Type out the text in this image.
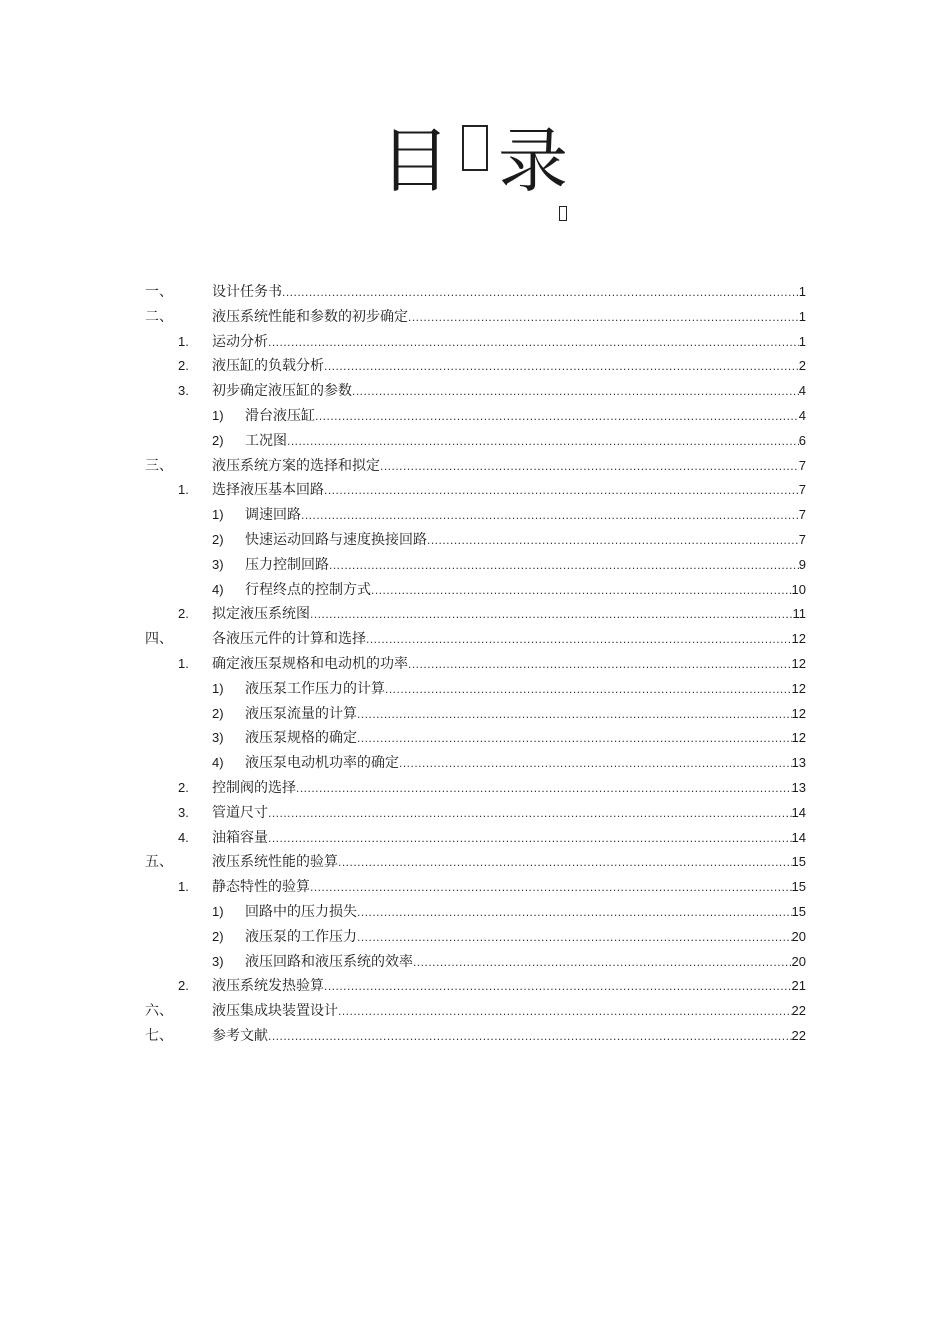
目 录
一、	设计任务书 .....	1
二、	液压系统性能和参数的初步确定 .....	1
1. 运动分析 .....	1
2. 液压缸的负载分析 .....	2
3. 初步确定液压缸的参数 .....	4
1) 滑台液压缸 .....	4
2) 工况图 .....	6
三、	液压系统方案的选择和拟定 .....	7
1. 选择液压基本回路 .....	7
1) 调速回路 .....	7
2) 快速运动回路与速度换接回路 .....	7
3) 压力控制回路 .....	9
4) 行程终点的控制方式 .....	10
2. 拟定液压系统图 .....	11
四、	各液压元件的计算和选择 .....	12
1. 确定液压泵规格和电动机的功率 .....	12
1) 液压泵工作压力的计算 .....	12
2) 液压泵流量的计算 .....	12
3) 液压泵规格的确定 .....	12
4) 液压泵电动机功率的确定 .....	13
2. 控制阀的选择 .....	13
3. 管道尺寸 .....	14
4. 油箱容量 .....	14
五、	液压系统性能的验算 .....	15
1. 静态特性的验算 .....	15
1) 回路中的压力损失 .....	15
2) 液压泵的工作压力 .....	20
3) 液压回路和液压系统的效率 .....	20
2. 液压系统发热验算 .....	21
六、	液压集成块装置设计 .....	22
七、	参考文献 .....	22
